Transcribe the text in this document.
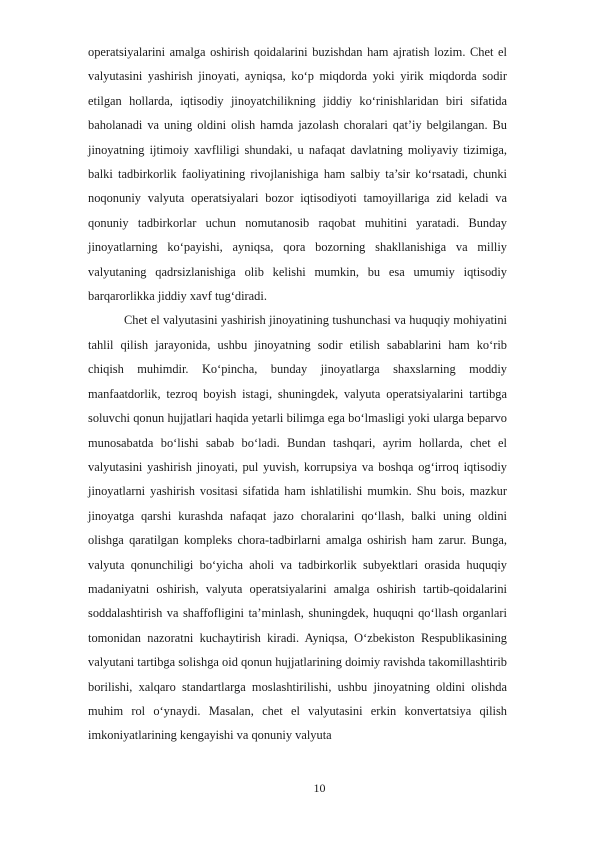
operatsiyalarini amalga oshirish qoidalarini buzishdan ham ajratish lozim. Chet el valyutasini yashirish jinoyati, ayniqsa, ko‘p miqdorda yoki yirik miqdorda sodir etilgan hollarda, iqtisodiy jinoyatchilikning jiddiy ko‘rinishlaridan biri sifatida baholanadi va uning oldini olish hamda jazolash choralari qat’iy belgilangan. Bu jinoyatning ijtimoiy xavfliligi shundaki, u nafaqat davlatning moliyaviy tizimiga, balki tadbirkorlik faoliyatining rivojlanishiga ham salbiy ta’sir ko‘rsatadi, chunki noqonuniy valyuta operatsiyalari bozor iqtisodiyoti tamoyillariga zid keladi va qonuniy tadbirkorlar uchun nomutanosib raqobat muhitini yaratadi. Bunday jinoyatlarning ko‘payishi, ayniqsa, qora bozorning shakllanishiga va milliy valyutaning qadrsizlanishiga olib kelishi mumkin, bu esa umumiy iqtisodiy barqarorlikka jiddiy xavf tug‘diradi.

Chet el valyutasini yashirish jinoyatining tushunchasi va huquqiy mohiyatini tahlil qilish jarayonida, ushbu jinoyatning sodir etilish sabablarini ham ko‘rib chiqish muhimdir. Ko‘pincha, bunday jinoyatlarga shaxslarning moddiy manfaatdorlik, tezroq boyish istagi, shuningdek, valyuta operatsiyalarini tartibga soluvchi qonun hujjatlari haqida yetarli bilimga ega bo‘lmasligi yoki ularga beparvo munosabatda bo‘lishi sabab bo‘ladi. Bundan tashqari, ayrim hollarda, chet el valyutasini yashirish jinoyati, pul yuvish, korrupsiya va boshqa og‘irroq iqtisodiy jinoyatlarni yashirish vositasi sifatida ham ishlatilishi mumkin. Shu bois, mazkur jinoyatga qarshi kurashda nafaqat jazo choralarini qo‘llash, balki uning oldini olishga qaratilgan kompleks chora-tadbirlarni amalga oshirish ham zarur. Bunga, valyuta qonunchiligi bo‘yicha aholi va tadbirkorlik subyektlari orasida huquqiy madaniyatni oshirish, valyuta operatsiyalarini amalga oshirish tartib-qoidalarini soddalashtirish va shaffofligini ta’minlash, shuningdek, huquqni qo‘llash organlari tomonidan nazoratni kuchaytirish kiradi. Ayniqsa, O‘zbekiston Respublikasining valyutani tartibga solishga oid qonun hujjatlarining doimiy ravishda takomillashtirib borilishi, xalqaro standartlarga moslashtirilishi, ushbu jinoyatning oldini olishda muhim rol o‘ynaydi. Masalan, chet el valyutasini erkin konvertatsiya qilish imkoniyatlarining kengayishi va qonuniy valyuta

10
